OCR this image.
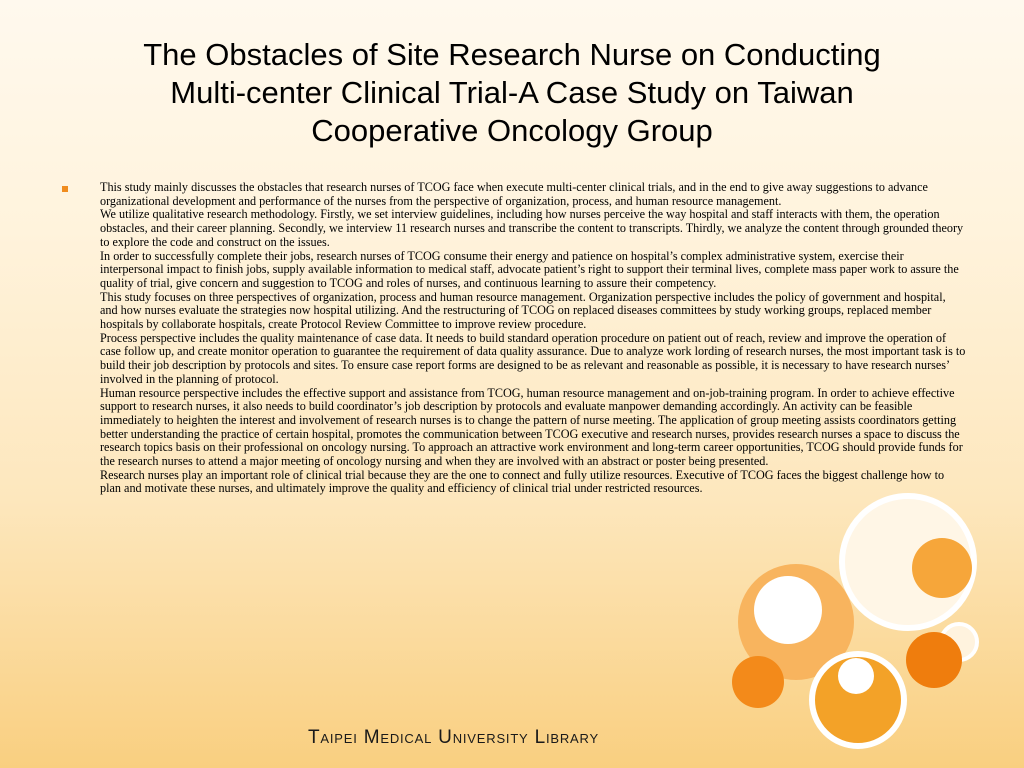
The Obstacles of Site Research Nurse on Conducting
Multi-center Clinical Trial-A Case Study on Taiwan
Cooperative Oncology Group

This study mainly discusses the obstacles that research nurses of TCOG face when execute multi-center clinical trials, and in the end to give away suggestions to advance organizational development and performance of the nurses from the perspective of organization, process, and human resource management.

We utilize qualitative research methodology. Firstly, we set interview guidelines, including how nurses perceive the way hospital and staff interacts with them, the operation obstacles, and their career planning. Secondly, we interview 11 research nurses and transcribe the content to transcripts. Thirdly, we analyze the content through grounded theory to explore the code and construct on the issues.

In order to successfully complete their jobs, research nurses of TCOG consume their energy and patience on hospital’s complex administrative system, exercise their interpersonal impact to finish jobs, supply available information to medical staff, advocate patient’s right to support their terminal lives, complete mass paper work to assure the quality of trial, give concern and suggestion to TCOG and roles of nurses, and continuous learning to assure their competency.

This study focuses on three perspectives of organization, process and human resource management. Organization perspective includes the policy of government and hospital, and how nurses evaluate the strategies now hospital utilizing. And the restructuring of TCOG on replaced diseases committees by study working groups, replaced member hospitals by collaborate hospitals, create Protocol Review Committee to improve review procedure.

Process perspective includes the quality maintenance of case data. It needs to build standard operation procedure on patient out of reach, review and improve the operation of case follow up, and create monitor operation to guarantee the requirement of data quality assurance. Due to analyze work lording of research nurses, the most important task is to build their job description by protocols and sites. To ensure case report forms are designed to be as relevant and reasonable as possible, it is necessary to have research nurses’ involved in the planning of protocol.

Human resource perspective includes the effective support and assistance from TCOG, human resource management and on-job-training program. In order to achieve effective support to research nurses, it also needs to build coordinator’s job description by protocols and evaluate manpower demanding accordingly. An activity can be feasible immediately to heighten the interest and involvement of research nurses is to change the pattern of nurse meeting. The application of group meeting assists coordinators getting better understanding the practice of certain hospital, promotes the communication between TCOG executive and research nurses, provides research nurses a space to discuss the research topics basis on their professional on oncology nursing. To approach an attractive work environment and long-term career opportunities, TCOG should provide funds for the research nurses to attend a major meeting of oncology nursing and when they are involved with an abstract or poster being presented.

Research nurses play an important role of clinical trial because they are the one to connect and fully utilize resources. Executive of TCOG faces the biggest challenge how to plan and motivate these nurses, and ultimately improve the quality and efficiency of clinical trial under restricted resources.

Taipei Medical University Library
